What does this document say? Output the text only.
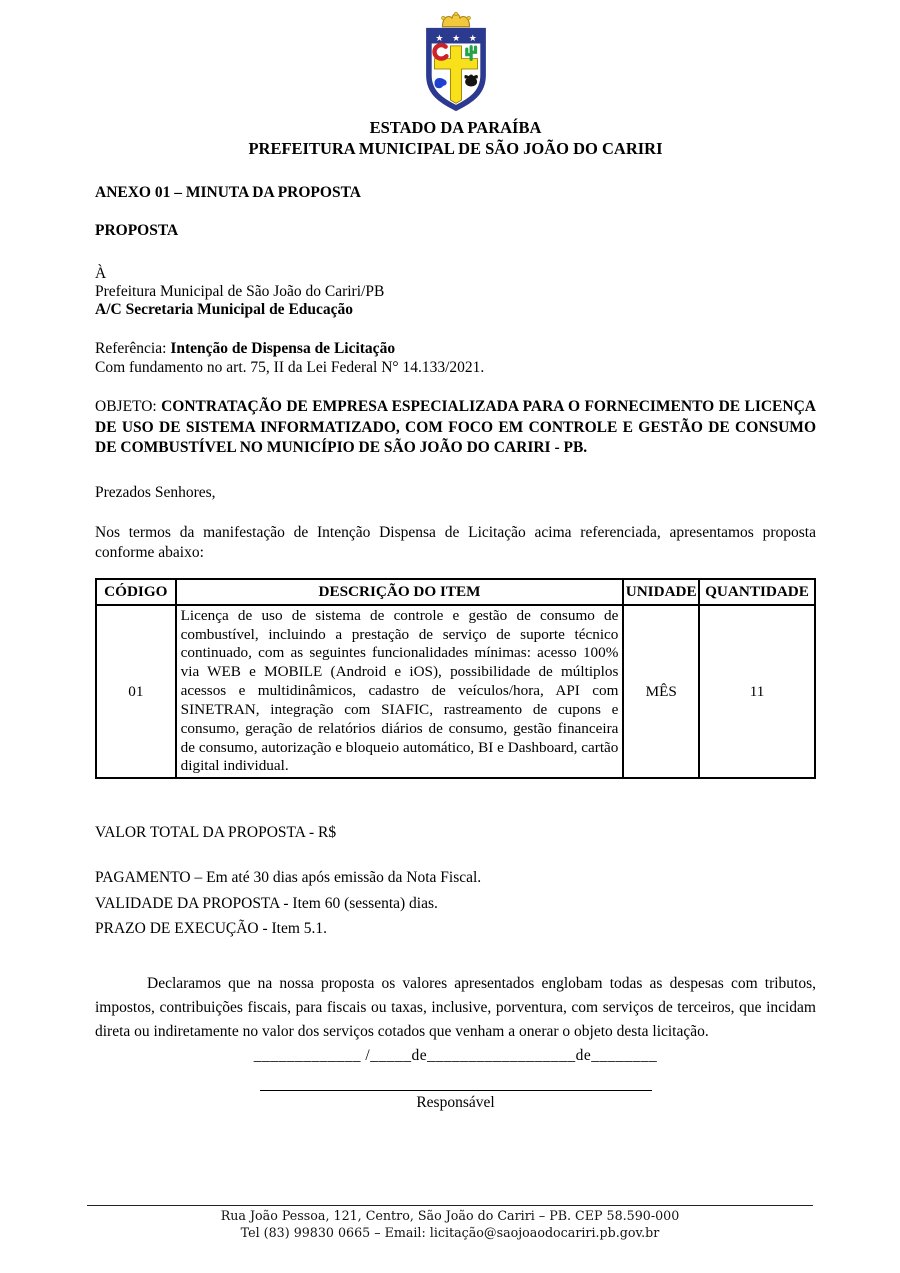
★ ★ ★
ESTADO DA PARAÍBA
PREFEITURA MUNICIPAL DE SÃO JOÃO DO CARIRI
ANEXO 01 – MINUTA DA PROPOSTA
PROPOSTA
À
Prefeitura Municipal de São João do Cariri/PB
A/C Secretaria Municipal de Educação
Referência: Intenção de Dispensa de Licitação
Com fundamento no art. 75, II da Lei Federal N° 14.133/2021.
OBJETO: CONTRATAÇÃO DE EMPRESA ESPECIALIZADA PARA O FORNECIMENTO DE LICENÇA DE USO DE SISTEMA INFORMATIZADO, COM FOCO EM CONTROLE E GESTÃO DE CONSUMO DE COMBUSTÍVEL NO MUNICÍPIO DE SÃO JOÃO DO CARIRI - PB.
Prezados Senhores,
Nos termos da manifestação de Intenção Dispensa de Licitação acima referenciada, apresentamos proposta conforme abaixo:
CÓDIGO	DESCRIÇÃO DO ITEM	UNIDADE	QUANTIDADE
01	Licença de uso de sistema de controle e gestão de consumo de combustível, incluindo a prestação de serviço de suporte técnico continuado, com as seguintes funcionalidades mínimas: acesso 100% via WEB e MOBILE (Android e iOS), possibilidade de múltiplos acessos e multidinâmicos, cadastro de veículos/hora, API com SINETRAN, integração com SIAFIC, rastreamento de cupons e consumo, geração de relatórios diários de consumo, gestão financeira de consumo, autorização e bloqueio automático, BI e Dashboard, cartão digital individual.	MÊS	11
VALOR TOTAL DA PROPOSTA - R$
PAGAMENTO – Em até 30 dias após emissão da Nota Fiscal.
VALIDADE DA PROPOSTA - Item 60 (sessenta) dias.
PRAZO DE EXECUÇÃO - Item 5.1.
Declaramos que na nossa proposta os valores apresentados englobam todas as despesas com tributos, impostos, contribuições fiscais, para fiscais ou taxas, inclusive, porventura, com serviços de terceiros, que incidam direta ou indiretamente no valor dos serviços cotados que venham a onerar o objeto desta licitação.
_____________ /_____de__________________de________
Responsável
Rua João Pessoa, 121, Centro, São João do Cariri – PB. CEP 58.590-000
Tel (83) 99830 0665 – Email: licitação@saojoaodocariri.pb.gov.br
